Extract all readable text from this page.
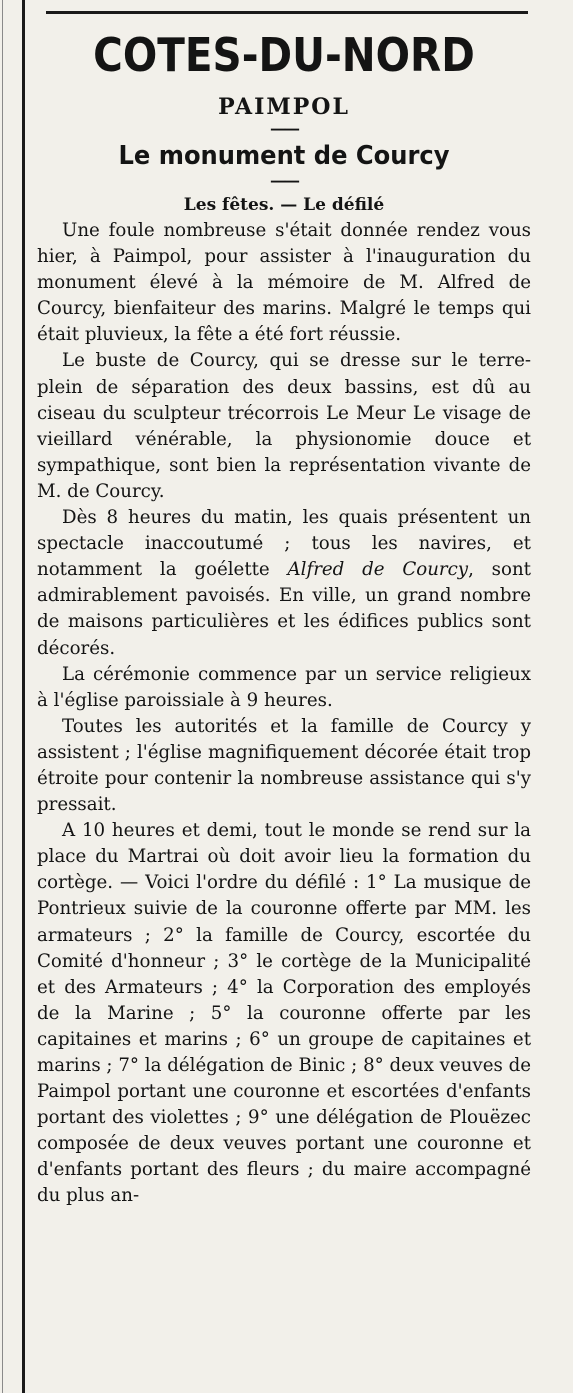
COTES-DU-NORD
PAIMPOL
——
Le monument de Courcy
——
Les fêtes. — Le défilé

Une foule nombreuse s'était donnée rendez vous hier, à Paimpol, pour assister à l'inauguration du monument élevé à la mémoire de M. Alfred de Courcy, bienfaiteur des marins. Malgré le temps qui était pluvieux, la fête a été fort réussie.

Le buste de Courcy, qui se dresse sur le terre-plein de séparation des deux bassins, est dû au ciseau du sculpteur trécorrois Le Meur Le visage de vieillard vénérable, la physionomie douce et sympathique, sont bien la représentation vivante de M. de Courcy.

Dès 8 heures du matin, les quais présentent un spectacle inaccoutumé ; tous les navires, et notamment la goélette Alfred de Courcy, sont admirablement pavoisés. En ville, un grand nombre de maisons particulières et les édifices publics sont décorés.

La cérémonie commence par un service religieux à l'église paroissiale à 9 heures.

Toutes les autorités et la famille de Courcy y assistent ; l'église magnifiquement décorée était trop étroite pour contenir la nombreuse assistance qui s'y pressait.

A 10 heures et demi, tout le monde se rend sur la place du Martrai où doit avoir lieu la formation du cortège. — Voici l'ordre du défilé : 1° La musique de Pontrieux suivie de la couronne offerte par MM. les armateurs ; 2° la famille de Courcy, escortée du Comité d'honneur ; 3° le cortège de la Municipalité et des Armateurs ; 4° la Corporation des employés de la Marine ; 5° la couronne offerte par les capitaines et marins ; 6° un groupe de capitaines et marins ; 7° la délégation de Binic ; 8° deux veuves de Paimpol portant une couronne et escortées d'enfants portant des violettes ; 9° une délégation de Plouëzec composée de deux veuves portant une couronne et d'enfants portant des fleurs ; du maire accompagné du plus an-
